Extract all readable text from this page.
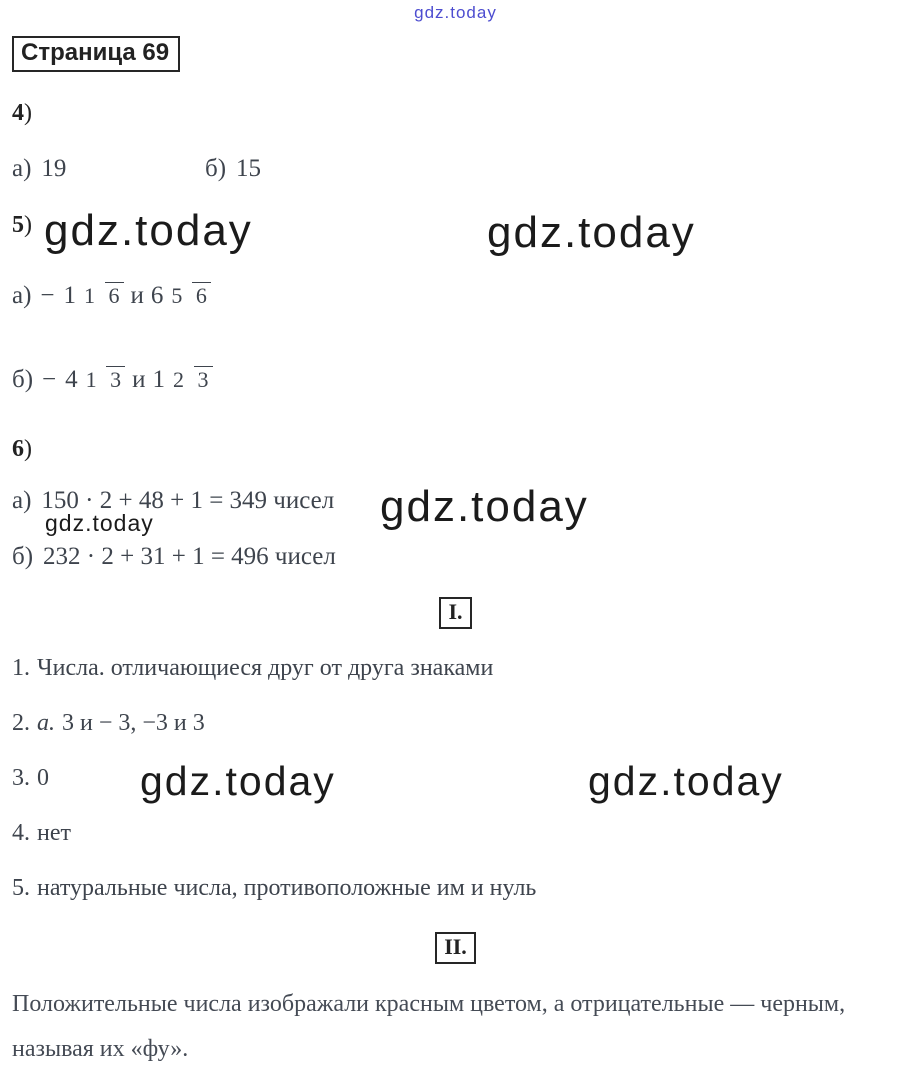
gdz.today
Страница 69
4)
а) 19	б) 15
5) gdz.today	gdz.today
а) − 1 1 6 и 6 5 6
б) − 4 1 3 и 1 2 3
6)
а) 150 · 2 + 48 + 1 = 349 чисел gdz.today
gdz.today
б) 232 · 2 + 31 + 1 = 496 чисел
I.
1. Числа. отличающиеся друг от друга знаками
2. а. 3 и − 3, −3 и 3
3. 0 gdz.today	gdz.today
4. нет
5. натуральные числа, противоположные им и нуль
II.
Положительные числа изображали красным цветом, а отрицательные — черным, называя их «фу».
